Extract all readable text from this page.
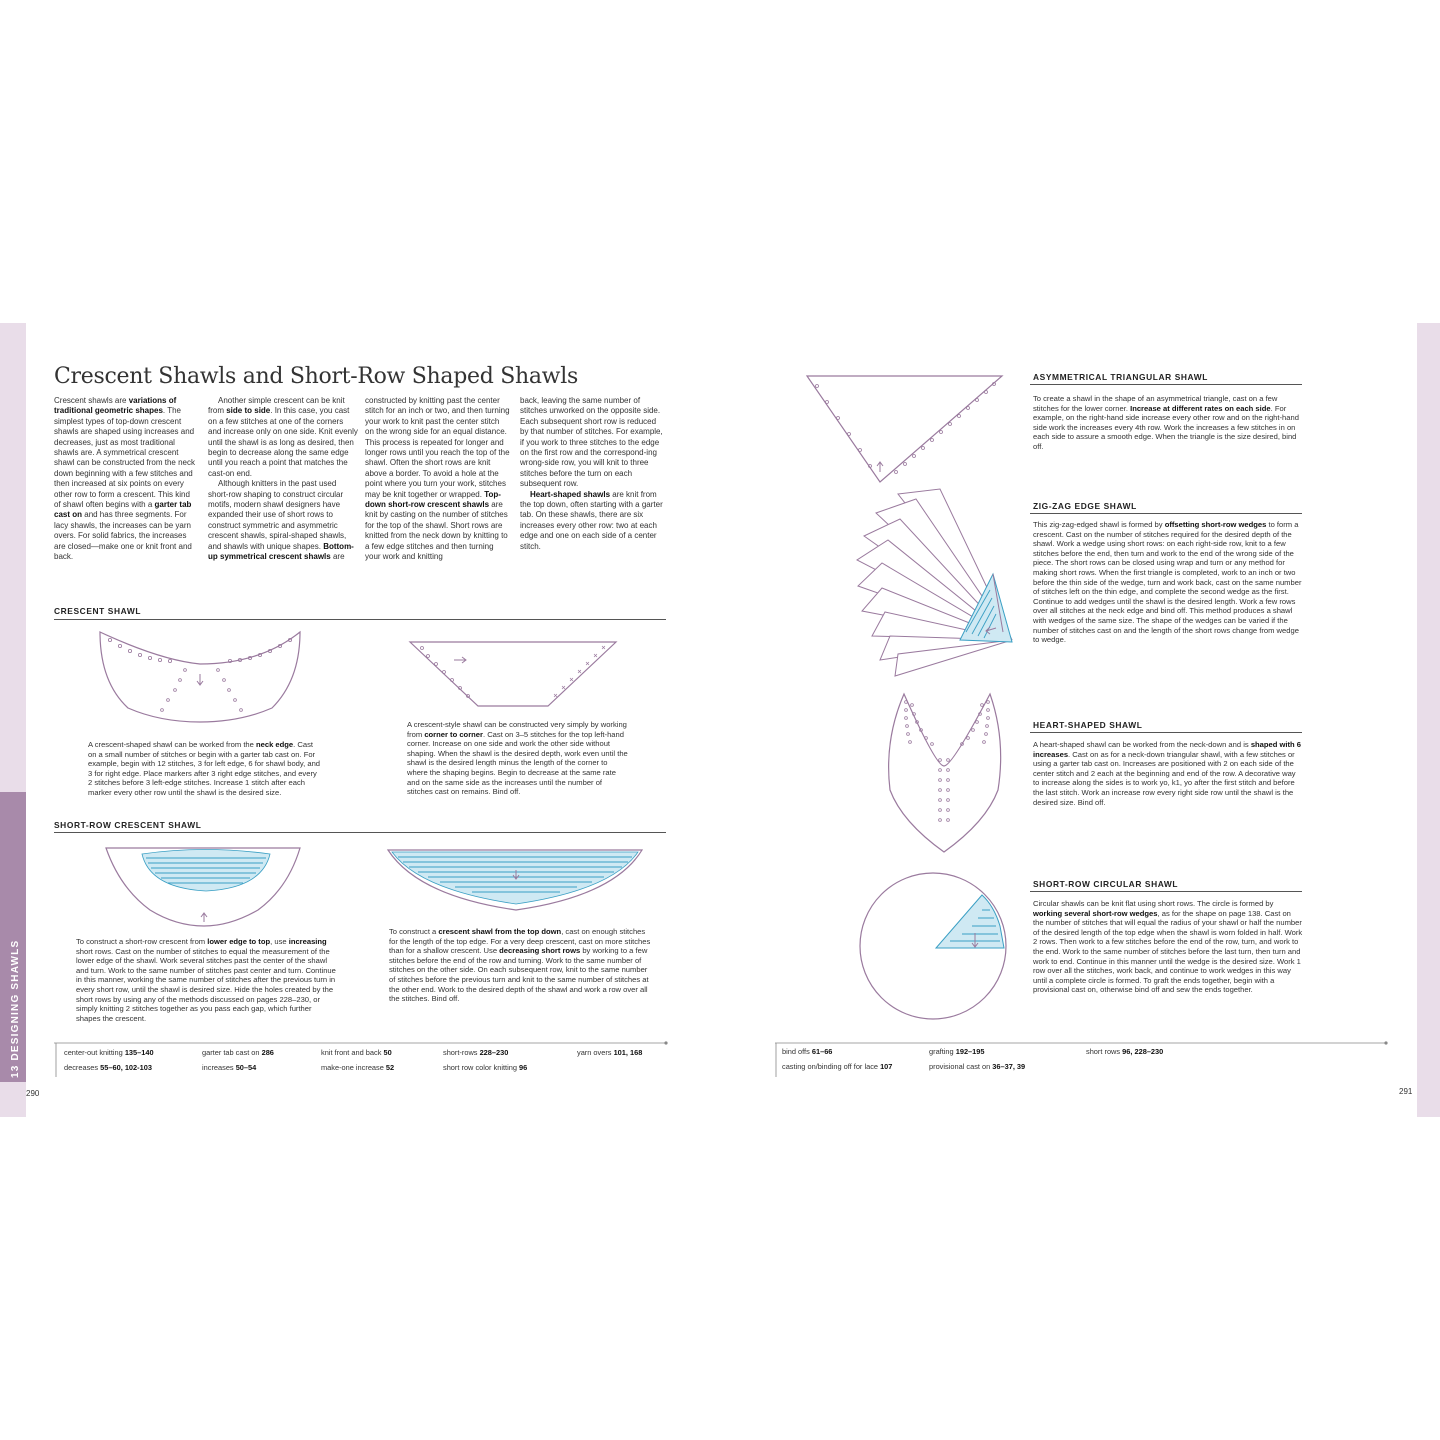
13 DESIGNING SHAWLS
Crescent Shawls and Short-Row Shaped Shawls

Crescent shawls are variations of traditional geometric shapes. The simplest types of top-down crescent shawls are shaped using increases and decreases, just as most traditional shawls are. A symmetrical crescent shawl can be constructed from the neck down beginning with a few stitches and then increased at six points on every other row to form a crescent. This kind of shawl often begins with a garter tab cast on and has three segments. For lacy shawls, the increases can be yarn overs. For solid fabrics, the increases are closed—make one or knit front and back.

Another simple crescent can be knit from side to side. In this case, you cast on a few stitches at one of the corners and increase only on one side. Knit evenly until the shawl is as long as desired, then begin to decrease along the same edge until you reach a point that matches the cast-on end.

Although knitters in the past used short-row shaping to construct circular motifs, modern shawl designers have expanded their use of short rows to construct symmetric and asymmetric crescent shawls, spiral-shaped shawls, and shawls with unique shapes. Bottom- up symmetrical crescent shawls are

constructed by knitting past the center stitch for an inch or two, and then turning your work to knit past the center stitch on the wrong side for an equal distance. This process is repeated for longer and longer rows until you reach the top of the shawl. Often the short rows are knit above a border. To avoid a hole at the point where you turn your work, stitches may be knit together or wrapped. Top-down short-row crescent shawls are knit by casting on the number of stitches for the top of the shawl. Short rows are knitted from the neck down by knitting to a few edge stitches and then turning your work and knitting

back, leaving the same number of stitches unworked on the opposite side. Each subsequent short row is reduced by that number of stitches. For example, if you work to three stitches to the edge on the first row and the correspond-ing wrong-side row, you will knit to three stitches before the turn on each subsequent row.

Heart-shaped shawls are knit from the top down, often starting with a garter tab. On these shawls, there are six increases every other row: two at each edge and one on each side of a center stitch.

CRESCENT SHAWL
A crescent-shaped shawl can be worked from the neck edge. Cast on a small number of stitches or begin with a garter tab cast on. For example, begin with 12 stitches, 3 for left edge, 6 for shawl body, and 3 for right edge. Place markers after 3 right edge stitches, and every 2 stitches before 3 left-edge stitches. Increase 1 stitch after each marker every other row until the shawl is the desired size.
A crescent-style shawl can be constructed very simply by working from corner to corner. Cast on 3–5 stitches for the top left-hand corner. Increase on one side and work the other side without shaping. When the shawl is the desired depth, work even until the shawl is the desired length minus the length of the corner to where the shaping begins. Begin to decrease at the same rate and on the same side as the increases until the number of stitches cast on remains. Bind off.
SHORT-ROW CRESCENT SHAWL
To construct a short-row crescent from lower edge to top, use increasing short rows. Cast on the number of stitches to equal the measurement of the lower edge of the shawl. Work several stitches past the center of the shawl and turn. Work to the same number of stitches past center and turn. Continue in this manner, working the same number of stitches after the previous turn in every short row, until the shawl is desired size. Hide the holes created by the short rows by using any of the methods discussed on pages 228–230, or simply knitting 2 stitches together as you pass each gap, which further shapes the crescent.
To construct a crescent shawl from the top down, cast on enough stitches for the length of the top edge. For a very deep crescent, cast on more stitches than for a shallow crescent. Use decreasing short rows by working to a few stitches before the end of the row and turning. Work to the same number of stitches on the other side. On each subsequent row, knit to the same number of stitches before the previous turn and knit to the same number of stitches at the other end. Work to the desired depth of the shawl and work a row over all the stitches. Bind off.
center-out knitting 135–140	garter tab cast on 286	knit front and back 50	short-rows 228–230	yarn overs 101, 168
decreases 55–60, 102-103	increases 50–54	make-one increase 52	short row color knitting 96
290
ASYMMETRICAL TRIANGULAR SHAWL
To create a shawl in the shape of an asymmetrical triangle, cast on a few stitches for the lower corner. Increase at different rates on each side. For example, on the right-hand side increase every other row and on the right-hand side work the increases every 4th row. Work the increases a few stitches in on each side to assure a smooth edge. When the triangle is the size desired, bind off.
ZIG-ZAG EDGE SHAWL
This zig-zag-edged shawl is formed by offsetting short-row wedges to form a crescent. Cast on the number of stitches required for the desired depth of the shawl. Work a wedge using short rows: on each right-side row, knit to a few stitches before the end, then turn and work to the end of the wrong side of the piece. The short rows can be closed using wrap and turn or any method for making short rows. When the first triangle is completed, work to an inch or two before the thin side of the wedge, turn and work back, cast on the same number of stitches left on the thin edge, and complete the second wedge as the first. Continue to add wedges until the shawl is the desired length. Work a few rows over all stitches at the neck edge and bind off. This method produces a shawl with wedges of the same size. The shape of the wedges can be varied if the number of stitches cast on and the length of the short rows change from wedge to wedge.
HEART-SHAPED SHAWL
A heart-shaped shawl can be worked from the neck-down and is shaped with 6 increases. Cast on as for a neck-down triangular shawl, with a few stitches or using a garter tab cast on. Increases are positioned with 2 on each side of the center stitch and 2 each at the beginning and end of the row. A decorative way to increase along the sides is to work yo, k1, yo after the first stitch and before the last stitch. Work an increase row every right side row until the shawl is the desired size. Bind off.
SHORT-ROW CIRCULAR SHAWL
Circular shawls can be knit flat using short rows. The circle is formed by working several short-row wedges, as for the shape on page 138. Cast on the number of stitches that will equal the radius of your shawl or half the number of the desired length of the top edge when the shawl is worn folded in half. Work 2 rows. Then work to a few stitches before the end of the row, turn, and work to the end. Work to the same number of stitches before the last turn, then turn and work to end. Continue in this manner until the wedge is the desired size. Work 1 row over all the stitches, work back, and continue to work wedges in this way until a complete circle is formed. To graft the ends together, begin with a provisional cast on, otherwise bind off and sew the ends together.
bind offs 61–66	grafting 192–195	short rows 96, 228–230
casting on/binding off for lace 107	provisional cast on 36–37, 39
291
